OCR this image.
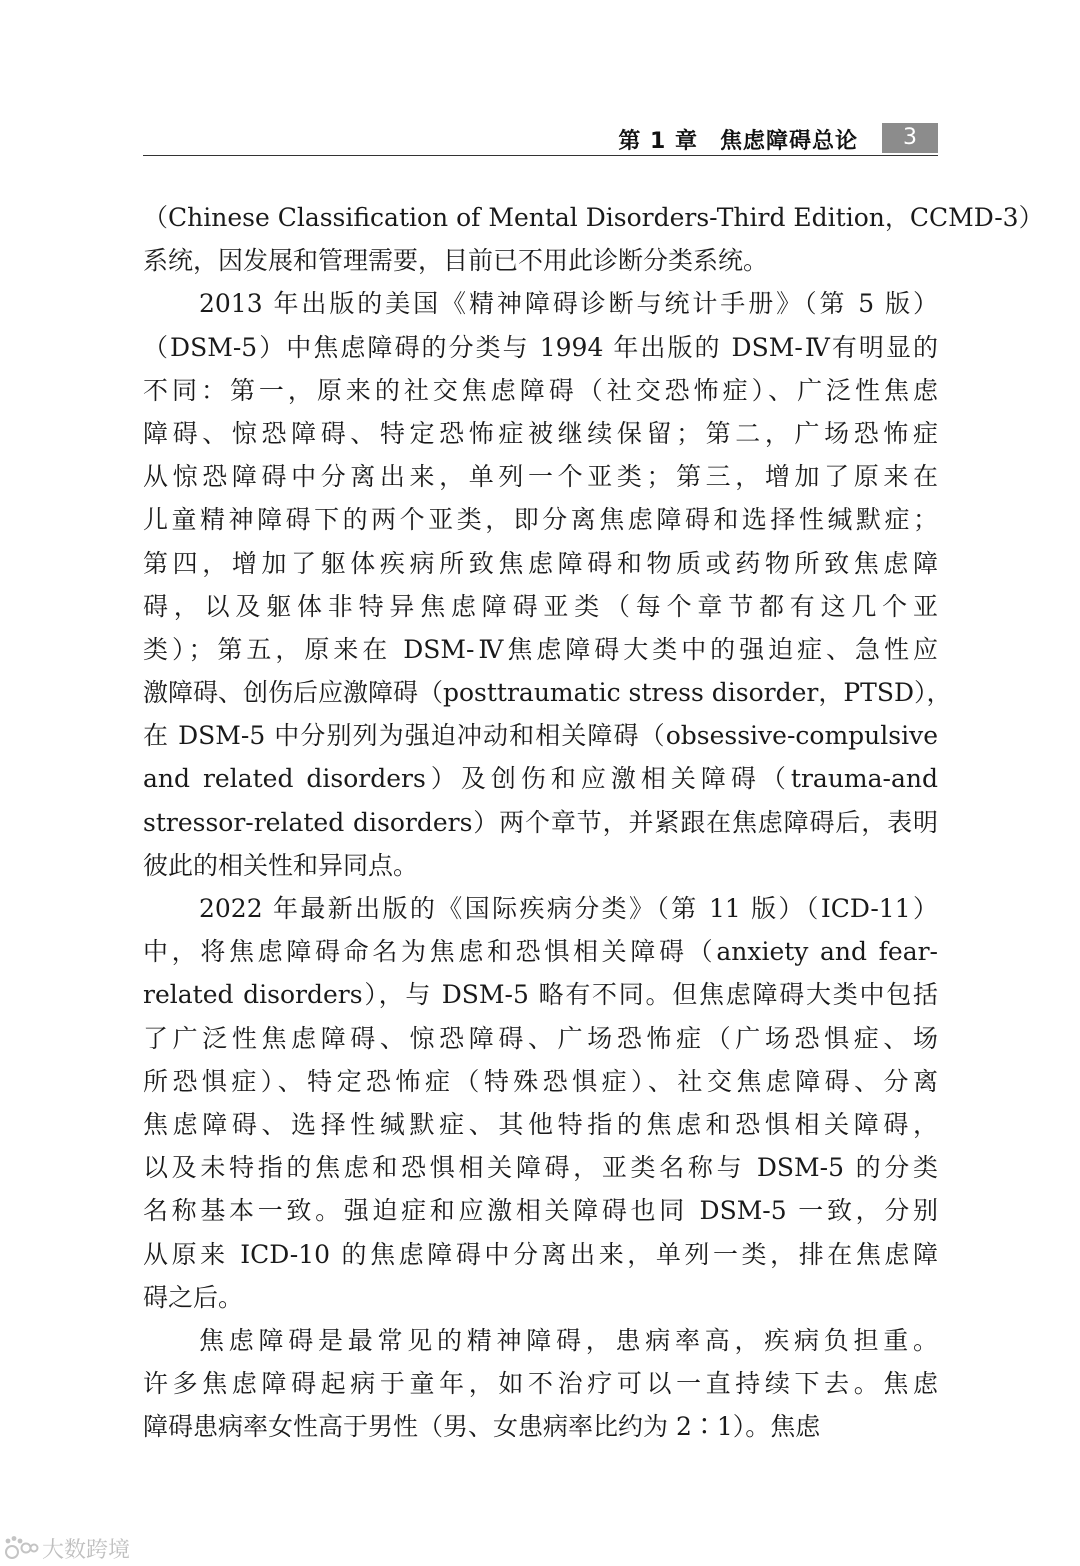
第 1 章 焦虑障碍总论	3
（Chinese Classification of Mental Disorders-Third Edition，CCMD-3）
系统，因发展和管理需要，目前已不用此诊断分类系统。
2013 年出版的美国《精神障碍诊断与统计手册》（第 5 版）
（DSM-5）中焦虑障碍的分类与 1994 年出版的 DSM-Ⅳ有明显的
不同：第一，原来的社交焦虑障碍（社交恐怖症）、广泛性焦虑
障碍、惊恐障碍、特定恐怖症被继续保留；第二，广场恐怖症
从惊恐障碍中分离出来，单列一个亚类；第三，增加了原来在
儿童精神障碍下的两个亚类，即分离焦虑障碍和选择性缄默症；
第四，增加了躯体疾病所致焦虑障碍和物质或药物所致焦虑障
碍，以及躯体非特异焦虑障碍亚类（每个章节都有这几个亚
类）；第五，原来在 DSM-Ⅳ焦虑障碍大类中的强迫症、急性应
激障碍、创伤后应激障碍（posttraumatic stress disorder，PTSD），
在 DSM-5 中分别列为强迫冲动和相关障碍（obsessive-compulsive
and related disorders）及创伤和应激相关障碍（trauma-and
stressor-related disorders）两个章节，并紧跟在焦虑障碍后，表明
彼此的相关性和异同点。
2022 年最新出版的《国际疾病分类》（第 11 版）（ICD-11）
中，将焦虑障碍命名为焦虑和恐惧相关障碍（anxiety and fear-
related disorders），与 DSM-5 略有不同。但焦虑障碍大类中包括
了广泛性焦虑障碍、惊恐障碍、广场恐怖症（广场恐惧症、场
所恐惧症）、特定恐怖症（特殊恐惧症）、社交焦虑障碍、分离
焦虑障碍、选择性缄默症、其他特指的焦虑和恐惧相关障碍，
以及未特指的焦虑和恐惧相关障碍，亚类名称与 DSM-5 的分类
名称基本一致。强迫症和应激相关障碍也同 DSM-5 一致，分别
从原来 ICD-10 的焦虑障碍中分离出来，单列一类，排在焦虑障
碍之后。
焦虑障碍是最常见的精神障碍，患病率高，疾病负担重。
许多焦虑障碍起病于童年，如不治疗可以一直持续下去。焦虑
障碍患病率女性高于男性（男、女患病率比约为 2∶1）。焦虑
大数跨境
